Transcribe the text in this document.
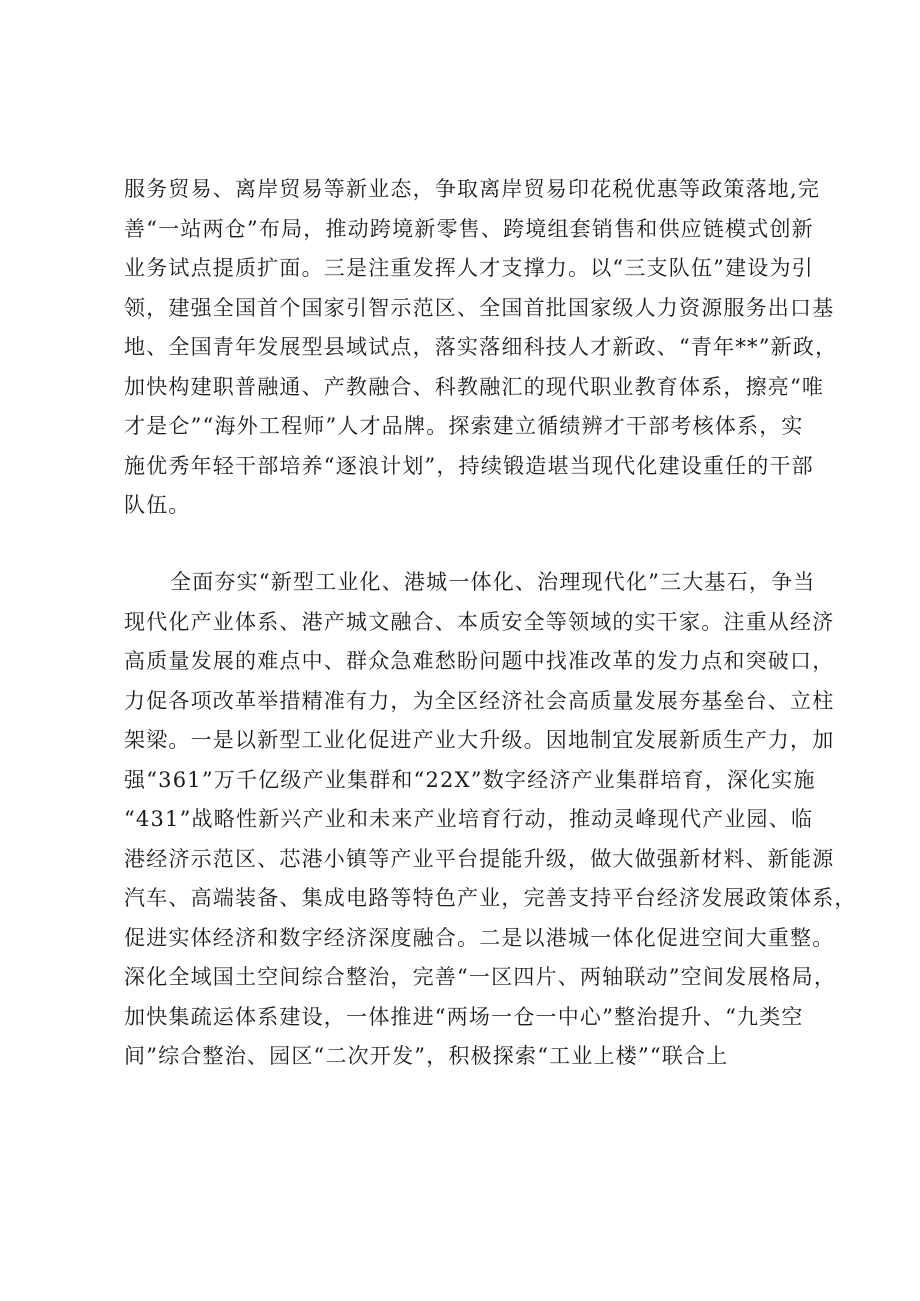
服务贸易、离岸贸易等新业态，争取离岸贸易印花税优惠等政策落地,完
善“一站两仓”布局，推动跨境新零售、跨境组套销售和供应链模式创新
业务试点提质扩面。三是注重发挥人才支撑力。以“三支队伍”建设为引
领，建强全国首个国家引智示范区、全国首批国家级人力资源服务出口基
地、全国青年发展型县域试点，落实落细科技人才新政、“青年**”新政，
加快构建职普融通、产教融合、科教融汇的现代职业教育体系，擦亮“唯
才是仑”“海外工程师”人才品牌。探索建立循绩辨才干部考核体系，实
施优秀年轻干部培养“逐浪计划”，持续锻造堪当现代化建设重任的干部
队伍。
全面夯实“新型工业化、港城一体化、治理现代化”三大基石，争当
现代化产业体系、港产城文融合、本质安全等领域的实干家。注重从经济
高质量发展的难点中、群众急难愁盼问题中找准改革的发力点和突破口，
力促各项改革举措精准有力，为全区经济社会高质量发展夯基垒台、立柱
架梁。一是以新型工业化促进产业大升级。因地制宜发展新质生产力，加
强“361”万千亿级产业集群和“22X”数字经济产业集群培育，深化实施
“431”战略性新兴产业和未来产业培育行动，推动灵峰现代产业园、临
港经济示范区、芯港小镇等产业平台提能升级，做大做强新材料、新能源
汽车、高端装备、集成电路等特色产业，完善支持平台经济发展政策体系，
促进实体经济和数字经济深度融合。二是以港城一体化促进空间大重整。
深化全域国土空间综合整治，完善“一区四片、两轴联动”空间发展格局，
加快集疏运体系建设，一体推进“两场一仓一中心”整治提升、“九类空
间”综合整治、园区“二次开发”，积极探索“工业上楼”“联合上
